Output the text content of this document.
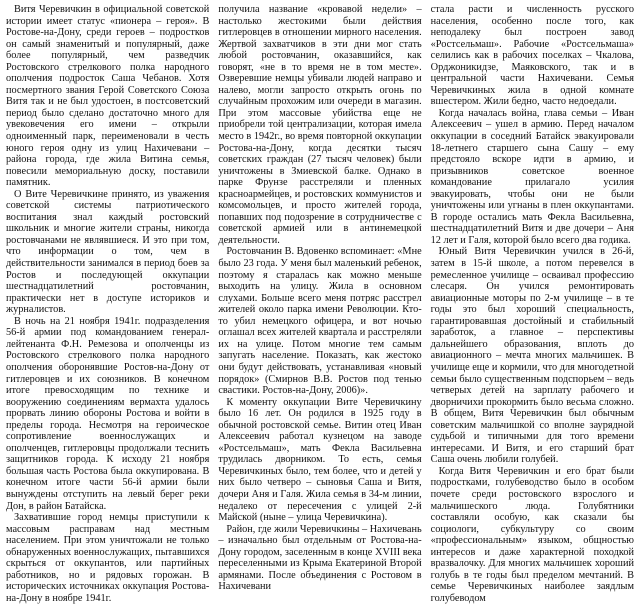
Витя Черевичкин в официальной советской истории имеет статус «пионера – героя». В Ростове-на-Дону, среди героев – подростков он самый знаменитый и популярный, даже более популярный, чем разведчик Ростовского стрелкового полка народного ополчения подросток Саша Чебанов. Хотя посмертного звания Герой Советского Союза Витя так и не был удостоен, в постсоветский период было сделано достаточно много для увековечения его имени – открыли одноименный парк, переименовали в честь юного героя одну из улиц Нахичевани – района города, где жила Витина семья, повесили мемориальную доску, поставили памятник.

О Вите Черевичкине принято, из уважения советской системы патриотического воспитания знал каждый ростовский школьник и многие жители страны, никогда ростовчанами не являвшиеся. И это при том, что информации о том, чем в действительности занимался в период боев за Ростов и последующей оккупации шестнадцатилетний ростовчанин, практически нет в доступе историков и журналистов.

В ночь на 21 ноября 1941г. подразделения 56-й армии под командованием генерал-лейтенанта Ф.Н. Ремезова и ополченцы из Ростовского стрелкового полка народного ополчения оборонявшие Ростов-на-Дону от гитлеровцев и их союзников. В конечном итоге превосходящим по технике и вооружению соединениям вермахта удалось прорвать линию обороны Ростова и войти в пределы города. Несмотря на героическое сопротивление военнослужащих и ополченцев, гитлеровцы продолжали теснить защитников города. К исходу 21 ноября большая часть Ростова была оккупирована. В конечном итоге части 56-й армии были вынуждены отступить на левый берег реки Дон, в район Батайска.

Захватившие город немцы приступили к массовым расправам над местным населением. При этом уничтожали не только обнаруженных военнослужащих, пытавшихся скрыться от оккупантов, или партийных работников, но и рядовых горожан. В исторических источниках оккупация Ростова-на-Дону в ноябре 1941г.

получила название «кровавой недели» – настолько жестокими были действия гитлеровцев в отношении мирного населения. Жертвой захватчиков в эти дни мог стать любой ростовчанин, оказавшийся, как говорят, «не в то время не в том месте». Озверевшие немцы убивали людей направо и налево, могли запросто открыть огонь по случайным прохожим или очереди в магазин. При этом массовые убийства еще не приобрели той централизации, которая имела место в 1942г., во время повторной оккупации Ростова-на-Дону, когда десятки тысяч советских граждан (27 тысяч человек) были уничтожены в Змиевской балке. Однако в парке Фрунзе расстреляли и пленных красноармейцев, и ростовских коммунистов и комсомольцев, и просто жителей города, попавших под подозрение в сотрудничестве с советской армией или в антинемецкой деятельности.

Ростовчанин В. Вдовенко вспоминает: «Мне было 23 года. У меня был маленький ребенок, поэтому я старалась как можно меньше выходить на улицу. Жила в основном слухами. Больше всего меня потряс расстрел жителей около парка имени Революции. Кто-то убил немецкого офицера, и вот ночью оглашал всех жителей квартала и расстреляли их на улице. Потом многие тем самым запугать население. Показать, как жестоко они будут действовать, устанавливая «новый порядок» (Смирнов В.В. Ростов под тенью свастики. Ростов-на-Дону, 2006)».

К моменту оккупации Вите Черевичкину было 16 лет. Он родился в 1925 году в обычной ростовской семье. Витин отец Иван Алексеевич работал кузнецом на заводе «Ростсельмаш», мать Фекла Васильевна трудилась дворником. То есть, семья Черевичкиных было, тем более, что и детей у них было четверо – сыновья Саша и Витя, дочери Аня и Галя. Жила семья в 34-м линии, недалеко от пересечения с улицей 2-й Майской (ныне – улица Черевичкина).

Район, где жили Черевичкины – Нахичевань – изначально был отдельным от Ростова-на-Дону городом, заселенным в конце XVIII века переселенными из Крыма Екатериной Второй армянами. После объединения с Ростовом в Нахичевани

стала расти и численность русского населения, особенно после того, как неподалеку был построен завод «Ростсельмаш». Рабочие «Ростсельмаша» селились как в рабочих поселках – Чкалова, Орджоникидзе, Маяковского, так и в центральной части Нахичевани. Семья Черевичкиных жила в одной комнате вшестером. Жили бедно, часто недоедали.

Когда началась война, глава семьи – Иван Алексеевич – ушел в армию. Перед началом оккупации в соседний Батайск эвакуировали 18-летнего старшего сына Сашу – ему предстояло вскоре идти в армию, и призывников советское военное командование прилагало усилия эвакуировать, чтобы они не были уничтожены или угнаны в плен оккупантами. В городе остались мать Фекла Васильевна, шестнадцатилетний Витя и две дочери – Аня 12 лет и Галя, которой было всего два годика.

Юный Витя Черевичкин учился в 26-й, затем в 15-й школе, а потом перевелся в ремесленное училище – осваивал профессию слесаря. Он учился ремонтировать авиационные моторы по 2-м училище – в те годы это был хороший специальность, гарантировавшая достойный и стабильный заработок, а главное – перспективы дальнейшего образования, вплоть до авиационного – мечта многих мальчишек. В училище еще и кормили, что для многодетной семьи было существенным подспорьем – ведь четверых детей на зарплату рабочего и дворничихи прокормить было весьма сложно. В общем, Витя Черевичкин был обычным советским мальчишкой со вполне заурядной судьбой и типичными для того времени интересами. И Витя, и его старший брат Саша очень любили голубей.

Когда Витя Черевичкин и его брат были подростками, голубеводство было в особом почете среди ростовского взрослого и мальчишеского люда. Голубятники составляли особую, как сказали бы социологи, субкультуру со своим «профессиональным» языком, общностью интересов и даже характерной походкой вразвалочку. Для многих мальчишек хороший голубь в те годы был пределом мечтаний. В семье Черевичкиных наиболее заядлым голубеводом
